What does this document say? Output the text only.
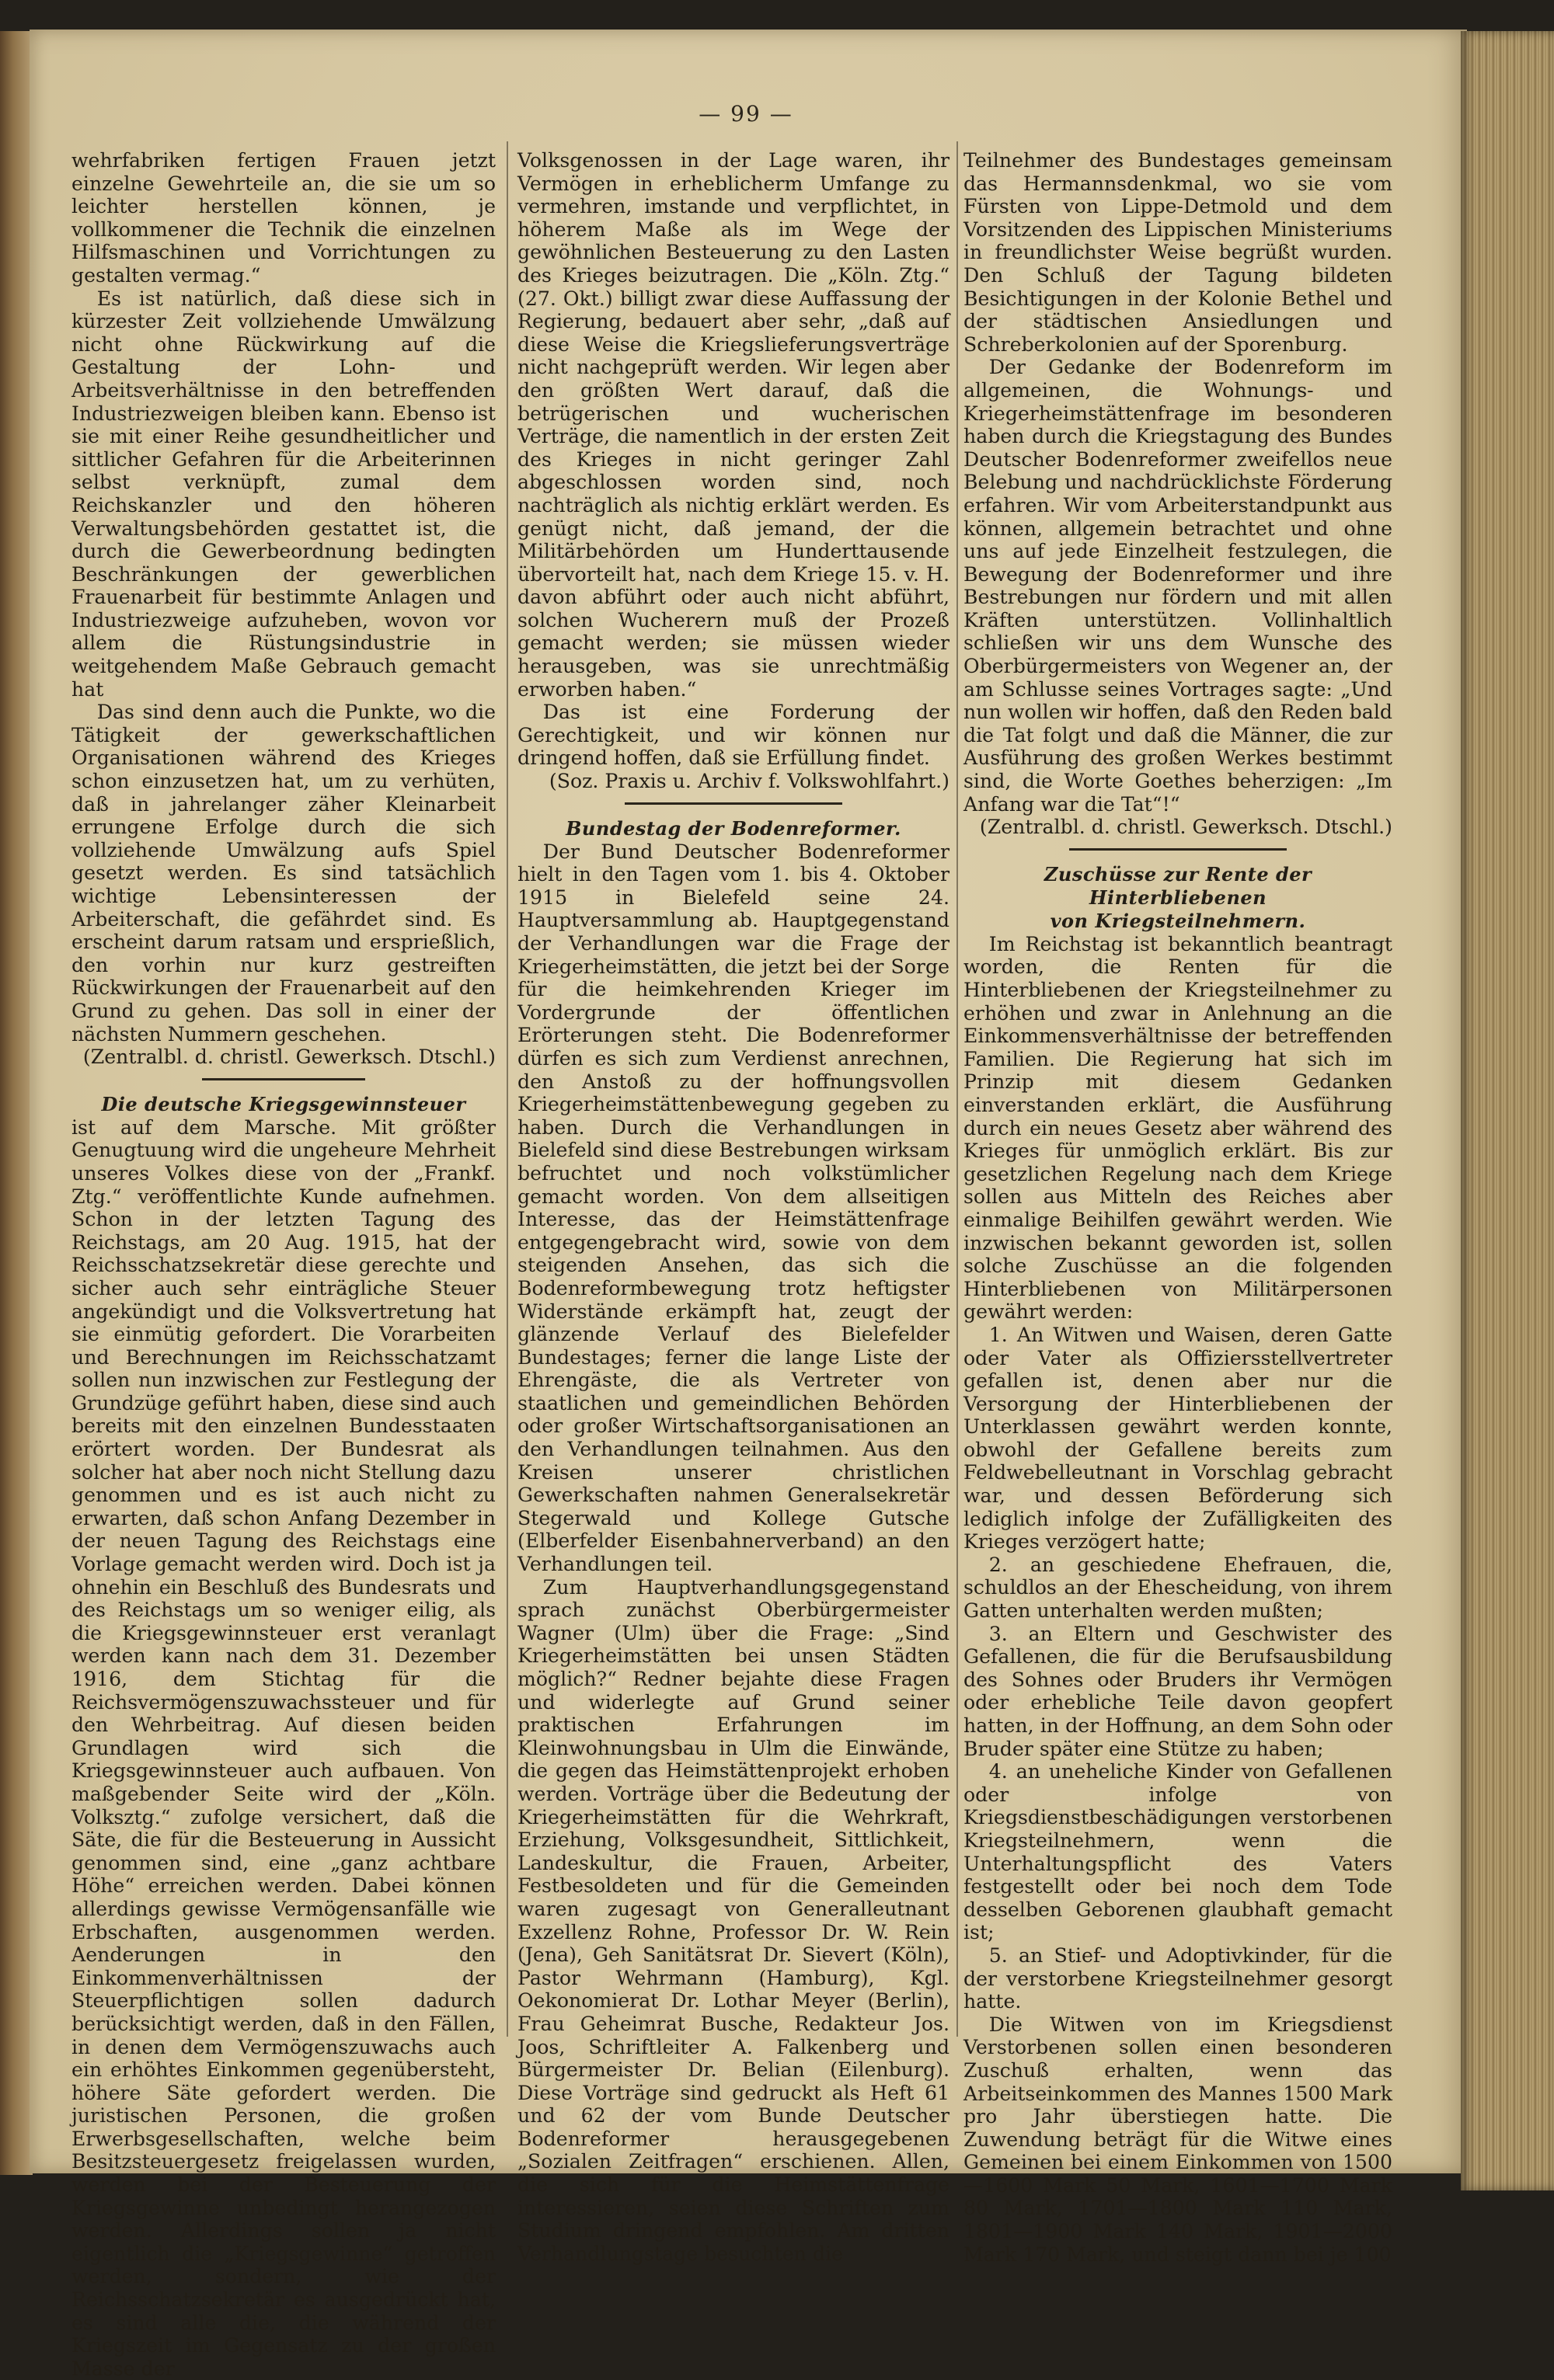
— 99 —

wehrfabriken fertigen Frauen jetzt einzelne Gewehrteile an, die sie um so leichter herstellen können, je vollkommener die Technik die einzelnen Hilfsmaschinen und Vorrichtungen zu gestalten vermag.“

Es ist natürlich, daß diese sich in kürzester Zeit vollziehende Umwälzung nicht ohne Rückwirkung auf die Gestaltung der Lohn- und Arbeitsverhältnisse in den betreffenden Industriezweigen bleiben kann. Ebenso ist sie mit einer Reihe gesundheitlicher und sittlicher Gefahren für die Arbeiterinnen selbst verknüpft, zumal dem Reichskanzler und den höheren Verwaltungsbehörden gestattet ist, die durch die Gewerbeordnung bedingten Beschränkungen der gewerblichen Frauenarbeit für bestimmte Anlagen und Industriezweige aufzuheben, wovon vor allem die Rüstungsindustrie in weitgehendem Maße Gebrauch gemacht hat

Das sind denn auch die Punkte, wo die Tätigkeit der gewerkschaftlichen Organisationen während des Krieges schon einzusetzen hat, um zu verhüten, daß in jahrelanger zäher Kleinarbeit errungene Erfolge durch die sich vollziehende Umwälzung aufs Spiel gesetzt werden. Es sind tatsächlich wichtige Lebensinteressen der Arbeiterschaft, die gefährdet sind. Es erscheint darum ratsam und ersprießlich, den vorhin nur kurz gestreiften Rückwirkungen der Frauenarbeit auf den Grund zu gehen. Das soll in einer der nächsten Nummern geschehen.

(Zentralbl. d. christl. Gewerksch. Dtschl.)

Die deutsche Kriegsgewinnsteuer

ist auf dem Marsche. Mit größter Genugtuung wird die ungeheure Mehrheit unseres Volkes diese von der „Frankf. Ztg.“ veröffentlichte Kunde aufnehmen. Schon in der letzten Tagung des Reichstags, am 20 Aug. 1915, hat der Reichsschatzsekretär diese gerechte und sicher auch sehr einträgliche Steuer angekündigt und die Volksvertretung hat sie einmütig gefordert. Die Vorarbeiten und Berechnungen im Reichsschatzamt sollen nun inzwischen zur Festlegung der Grundzüge geführt haben, diese sind auch bereits mit den einzelnen Bundesstaaten erörtert worden. Der Bundesrat als solcher hat aber noch nicht Stellung dazu genommen und es ist auch nicht zu erwarten, daß schon Anfang Dezember in der neuen Tagung des Reichstags eine Vorlage gemacht werden wird. Doch ist ja ohnehin ein Beschluß des Bundesrats und des Reichstags um so weniger eilig, als die Kriegsgewinnsteuer erst veranlagt werden kann nach dem 31. Dezember 1916, dem Stichtag für die Reichsvermögenszuwachssteuer und für den Wehrbeitrag. Auf diesen beiden Grundlagen wird sich die Kriegsgewinnsteuer auch aufbauen. Von maßgebender Seite wird der „Köln. Volksztg.“ zufolge versichert, daß die Säte, die für die Besteuerung in Aussicht genommen sind, eine „ganz achtbare Höhe“ erreichen werden. Dabei können allerdings gewisse Vermögensanfälle wie Erbschaften, ausgenommen werden. Aenderungen in den Einkommenverhältnissen der Steuerpflichtigen sollen dadurch berücksichtigt werden, daß in den Fällen, in denen dem Vermögenszuwachs auch ein erhöhtes Einkommen gegenübersteht, höhere Säte gefordert werden. Die juristischen Personen, die großen Erwerbsgesellschaften, welche beim Besitzsteuergesetz freigelassen wurden, werden bei der Besteuerung der Kriegsgewinne unbedingt herangezogen werden. Allerdings sollen ja nicht eigentlich die „Kriegsgewinne“ getroffen werden, sondern, wie der Reichsschatzsekretär es ausgedrückt hat, es sind alle die, die während der Kriegszeit im Gegensatz zu der großen Masse der

Volksgenossen in der Lage waren, ihr Vermögen in erheblicherm Umfange zu vermehren, imstande und verpflichtet, in höherem Maße als im Wege der gewöhnlichen Besteuerung zu den Lasten des Krieges beizutragen. Die „Köln. Ztg.“ (27. Okt.) billigt zwar diese Auffassung der Regierung, bedauert aber sehr, „daß auf diese Weise die Kriegslieferungsverträge nicht nachgeprüft werden. Wir legen aber den größten Wert darauf, daß die betrügerischen und wucherischen Verträge, die namentlich in der ersten Zeit des Krieges in nicht geringer Zahl abgeschlossen worden sind, noch nachträglich als nichtig erklärt werden. Es genügt nicht, daß jemand, der die Militärbehörden um Hunderttausende übervorteilt hat, nach dem Kriege 15. v. H. davon abführt oder auch nicht abführt, solchen Wucherern muß der Prozeß gemacht werden; sie müssen wieder herausgeben, was sie unrechtmäßig erworben haben.“

Das ist eine Forderung der Gerechtigkeit, und wir können nur dringend hoffen, daß sie Erfüllung findet.

(Soz. Praxis u. Archiv f. Volkswohlfahrt.)

Bundestag der Bodenreformer.

Der Bund Deutscher Bodenreformer hielt in den Tagen vom 1. bis 4. Oktober 1915 in Bielefeld seine 24. Hauptversammlung ab. Hauptgegenstand der Verhandlungen war die Frage der Kriegerheimstätten, die jetzt bei der Sorge für die heimkehrenden Krieger im Vordergrunde der öffentlichen Erörterungen steht. Die Bodenreformer dürfen es sich zum Verdienst anrechnen, den Anstoß zu der hoffnungsvollen Kriegerheimstättenbewegung gegeben zu haben. Durch die Verhandlungen in Bielefeld sind diese Bestrebungen wirksam befruchtet und noch volkstümlicher gemacht worden. Von dem allseitigen Interesse, das der Heimstättenfrage entgegengebracht wird, sowie von dem steigenden Ansehen, das sich die Bodenreformbewegung trotz heftigster Widerstände erkämpft hat, zeugt der glänzende Verlauf des Bielefelder Bundestages; ferner die lange Liste der Ehrengäste, die als Vertreter von staatlichen und gemeindlichen Behörden oder großer Wirtschaftsorganisationen an den Verhandlungen teilnahmen. Aus den Kreisen unserer christlichen Gewerkschaften nahmen Generalsekretär Stegerwald und Kollege Gutsche (Elberfelder Eisenbahnerverband) an den Verhandlungen teil.

Zum Hauptverhandlungsgegenstand sprach zunächst Oberbürgermeister Wagner (Ulm) über die Frage: „Sind Kriegerheimstätten bei unsen Städten möglich?“ Redner bejahte diese Fragen und widerlegte auf Grund seiner praktischen Erfahrungen im Kleinwohnungsbau in Ulm die Einwände, die gegen das Heimstättenprojekt erhoben werden. Vorträge über die Bedeutung der Kriegerheimstätten für die Wehrkraft, Erziehung, Volksgesundheit, Sittlichkeit, Landeskultur, die Frauen, Arbeiter, Festbesoldeten und für die Gemeinden waren zugesagt von Generalleutnant Exzellenz Rohne, Professor Dr. W. Rein (Jena), Geh Sanitätsrat Dr. Sievert (Köln), Pastor Wehrmann (Hamburg), Kgl. Oekonomierat Dr. Lothar Meyer (Berlin), Frau Geheimrat Busche, Redakteur Jos. Joos, Schriftleiter A. Falkenberg und Bürgermeister Dr. Belian (Eilenburg). Diese Vorträge sind gedruckt als Heft 61 und 62 der vom Bunde Deutscher Bodenreformer herausgegebenen „Sozialen Zeitfragen“ erschienen. Allen, die sich für die Heimstättenfrage interessieren, seien diese Schriften zum Studium dringend empfohlen. Am dritten Verhandlungstage besuchten die

Teilnehmer des Bundestages gemeinsam das Hermannsdenkmal, wo sie vom Fürsten von Lippe-Detmold und dem Vorsitzenden des Lippischen Ministeriums in freundlichster Weise begrüßt wurden. Den Schluß der Tagung bildeten Besichtigungen in der Kolonie Bethel und der städtischen Ansiedlungen und Schreberkolonien auf der Sporenburg.

Der Gedanke der Bodenreform im allgemeinen, die Wohnungs- und Kriegerheimstättenfrage im besonderen haben durch die Kriegstagung des Bundes Deutscher Bodenreformer zweifellos neue Belebung und nachdrücklichste Förderung erfahren. Wir vom Arbeiterstandpunkt aus können, allgemein betrachtet und ohne uns auf jede Einzelheit festzulegen, die Bewegung der Bodenreformer und ihre Bestrebungen nur fördern und mit allen Kräften unterstützen. Vollinhaltlich schließen wir uns dem Wunsche des Oberbürgermeisters von Wegener an, der am Schlusse seines Vortrages sagte: „Und nun wollen wir hoffen, daß den Reden bald die Tat folgt und daß die Männer, die zur Ausführung des großen Werkes bestimmt sind, die Worte Goethes beherzigen: „Im Anfang war die Tat“!“

(Zentralbl. d. christl. Gewerksch. Dtschl.)

Zuschüsse zur Rente der Hinterbliebenen
von Kriegsteilnehmern.

Im Reichstag ist bekanntlich beantragt worden, die Renten für die Hinterbliebenen der Kriegsteilnehmer zu erhöhen und zwar in Anlehnung an die Einkommensverhältnisse der betreffenden Familien. Die Regierung hat sich im Prinzip mit diesem Gedanken einverstanden erklärt, die Ausführung durch ein neues Gesetz aber während des Krieges für unmöglich erklärt. Bis zur gesetzlichen Regelung nach dem Kriege sollen aus Mitteln des Reiches aber einmalige Beihilfen gewährt werden. Wie inzwischen bekannt geworden ist, sollen solche Zuschüsse an die folgenden Hinterbliebenen von Militärpersonen gewährt werden:

1. An Witwen und Waisen, deren Gatte oder Vater als Offiziersstellvertreter gefallen ist, denen aber nur die Versorgung der Hinterbliebenen der Unterklassen gewährt werden konnte, obwohl der Gefallene bereits zum Feldwebelleutnant in Vorschlag gebracht war, und dessen Beförderung sich lediglich infolge der Zufälligkeiten des Krieges verzögert hatte;

2. an geschiedene Ehefrauen, die, schuldlos an der Ehescheidung, von ihrem Gatten unterhalten werden mußten;

3. an Eltern und Geschwister des Gefallenen, die für die Berufsausbildung des Sohnes oder Bruders ihr Vermögen oder erhebliche Teile davon geopfert hatten, in der Hoffnung, an dem Sohn oder Bruder später eine Stütze zu haben;

4. an uneheliche Kinder von Gefallenen oder infolge von Kriegsdienstbeschädigungen verstorbenen Kriegsteilnehmern, wenn die Unterhaltungspflicht des Vaters festgestellt oder bei noch dem Tode desselben Geborenen glaubhaft gemacht ist;

5. an Stief- und Adoptivkinder, für die der verstorbene Kriegsteilnehmer gesorgt hatte.

Die Witwen von im Kriegsdienst Verstorbenen sollen einen besonderen Zuschuß erhalten, wenn das Arbeitseinkommen des Mannes 1500 Mark pro Jahr überstiegen hatte. Die Zuwendung beträgt für die Witwe eines Gemeinen bei einem Einkommen von 1500—1600 Mark 50 Mark, 1601—1700 Mark 80 Mark, 1701—1800 Mark 110 Mark, 1801—1900 Mark 140 Mark, 1901—2000 Mark 170 Mark, und steigt dann bei je 100
